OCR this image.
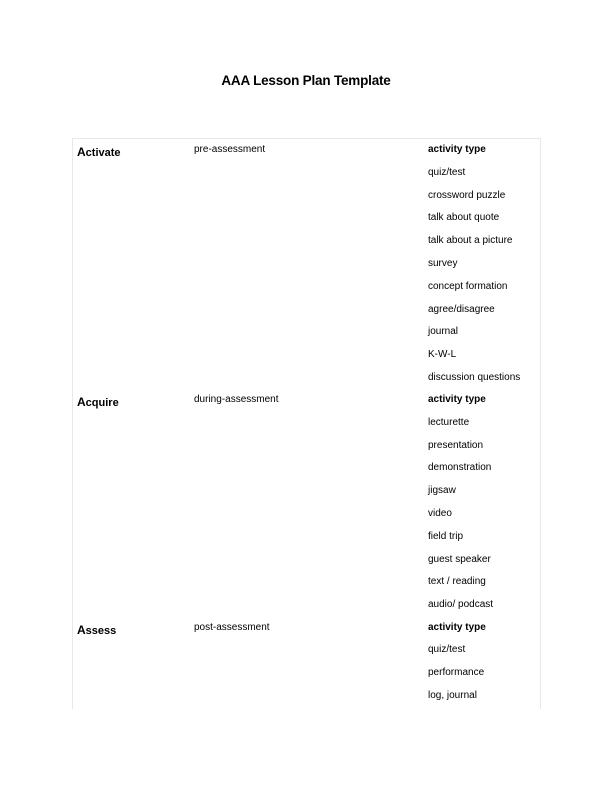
AAA Lesson Plan Template
Activate	pre-assessment	activity type
quiz/test
crossword puzzle
talk about quote
talk about a picture
survey
concept formation
agree/disagree
journal
K-W-L
discussion questions
Acquire	during-assessment	activity type
lecturette
presentation
demonstration
jigsaw
video
field trip
guest speaker
text / reading
audio/ podcast
Assess	post-assessment	activity type
quiz/test
performance
log, journal
